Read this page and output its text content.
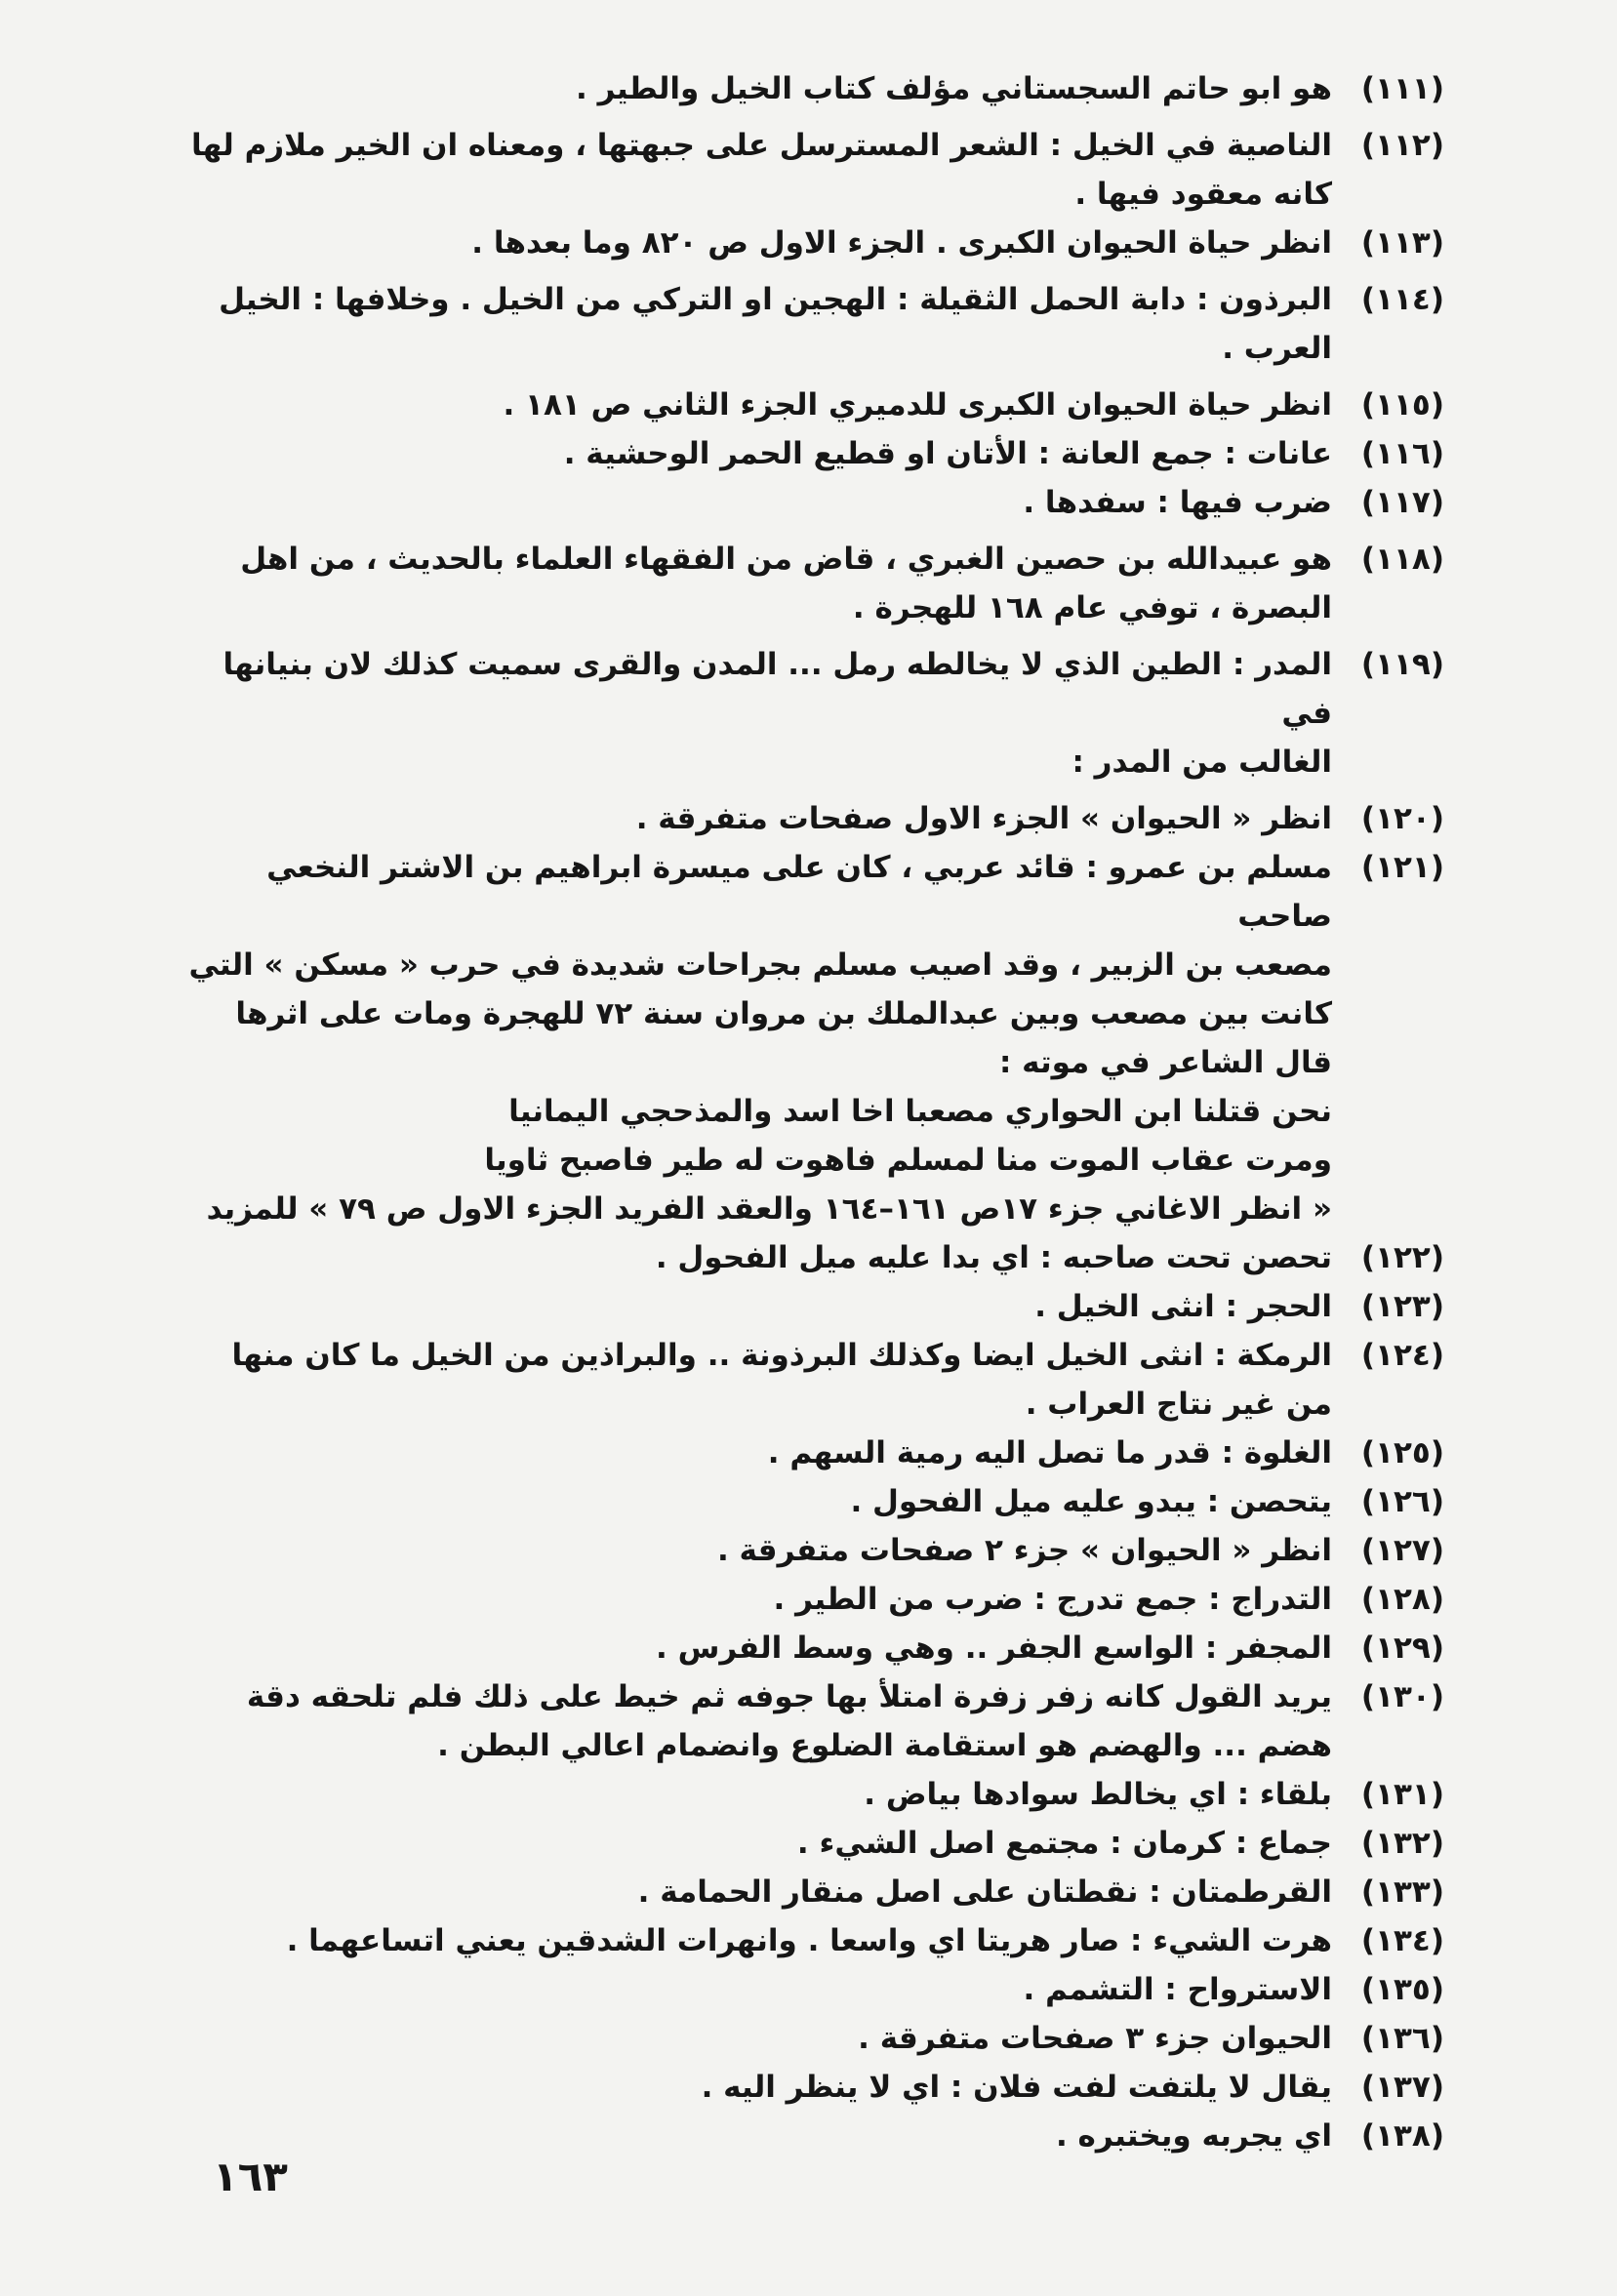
(١١١)

هو ابو حاتم السجستاني مؤلف كتاب الخيل والطير .

(١١٢)

الناصية في الخيل : الشعر المسترسل على جبهتها ، ومعناه ان الخير ملازم لها

كانه معقود فيها .

(١١٣)

انظر حياة الحيوان الكبرى . الجزء الاول ص ٨٢٠ وما بعدها .

(١١٤)

البرذون : دابة الحمل الثقيلة : الهجين او التركي من الخيل . وخلافها : الخيل

العرب .

(١١٥)

انظر حياة الحيوان الكبرى للدميري الجزء الثاني ص ١٨١ .

(١١٦)

عانات : جمع العانة : الأتان او قطيع الحمر الوحشية .

(١١٧)

ضرب فيها : سفدها .

(١١٨)

هو عبيدالله بن حصين الغبري ، قاض من الفقهاء العلماء بالحديث ، من اهل

البصرة ، توفي عام ١٦٨ للهجرة .

(١١٩)

المدر : الطين الذي لا يخالطه رمل ... المدن والقرى سميت كذلك لان بنيانها في

الغالب من المدر :

(١٢٠)

انظر « الحيوان » الجزء الاول صفحات متفرقة .

(١٢١)

مسلم بن عمرو : قائد عربي ، كان على ميسرة ابراهيم بن الاشتر النخعي صاحب

مصعب بن الزبير ، وقد اصيب مسلم بجراحات شديدة في حرب « مسكن » التي

كانت بين مصعب وبين عبدالملك بن مروان سنة ٧٢ للهجرة ومات على اثرها

قال الشاعر في موته :

نحن قتلنا ابن الحواري مصعبا اخا اسد والمذحجي اليمانيا

ومرت عقاب الموت منا لمسلم فاهوت له طير فاصبح ثاويا

« انظر الاغاني جزء ١٧ص ١٦١–١٦٤ والعقد الفريد الجزء الاول ص ٧٩ » للمزيد

(١٢٢)

تحصن تحت صاحبه : اي بدا عليه ميل الفحول .

(١٢٣)

الحجر : انثى الخيل .

(١٢٤)

الرمكة : انثى الخيل ايضا وكذلك البرذونة .. والبراذين من الخيل ما كان منها

من غير نتاج العراب .

(١٢٥)

الغلوة : قدر ما تصل اليه رمية السهم .

(١٢٦)

يتحصن : يبدو عليه ميل الفحول .

(١٢٧)

انظر « الحيوان » جزء ٢ صفحات متفرقة .

(١٢٨)

التدراج : جمع تدرج : ضرب من الطير .

(١٢٩)

المجفر : الواسع الجفر .. وهي وسط الفرس .

(١٣٠)

يريد القول كانه زفر زفرة امتلأ بها جوفه ثم خيط على ذلك فلم تلحقه دقة

هضم ... والهضم هو استقامة الضلوع وانضمام اعالي البطن .

(١٣١)

بلقاء : اي يخالط سوادها بياض .

(١٣٢)

جماع : كرمان : مجتمع اصل الشيء .

(١٣٣)

القرطمتان : نقطتان على اصل منقار الحمامة .

(١٣٤)

هرت الشيء : صار هريتا اي واسعا . وانهرات الشدقين يعني اتساعهما .

(١٣٥)

الاسترواح : التشمم .

(١٣٦)

الحيوان جزء ٣ صفحات متفرقة .

(١٣٧)

يقال لا يلتفت لفت فلان : اي لا ينظر اليه .

(١٣٨)

اي يجربه ويختبره .

١٦٣
